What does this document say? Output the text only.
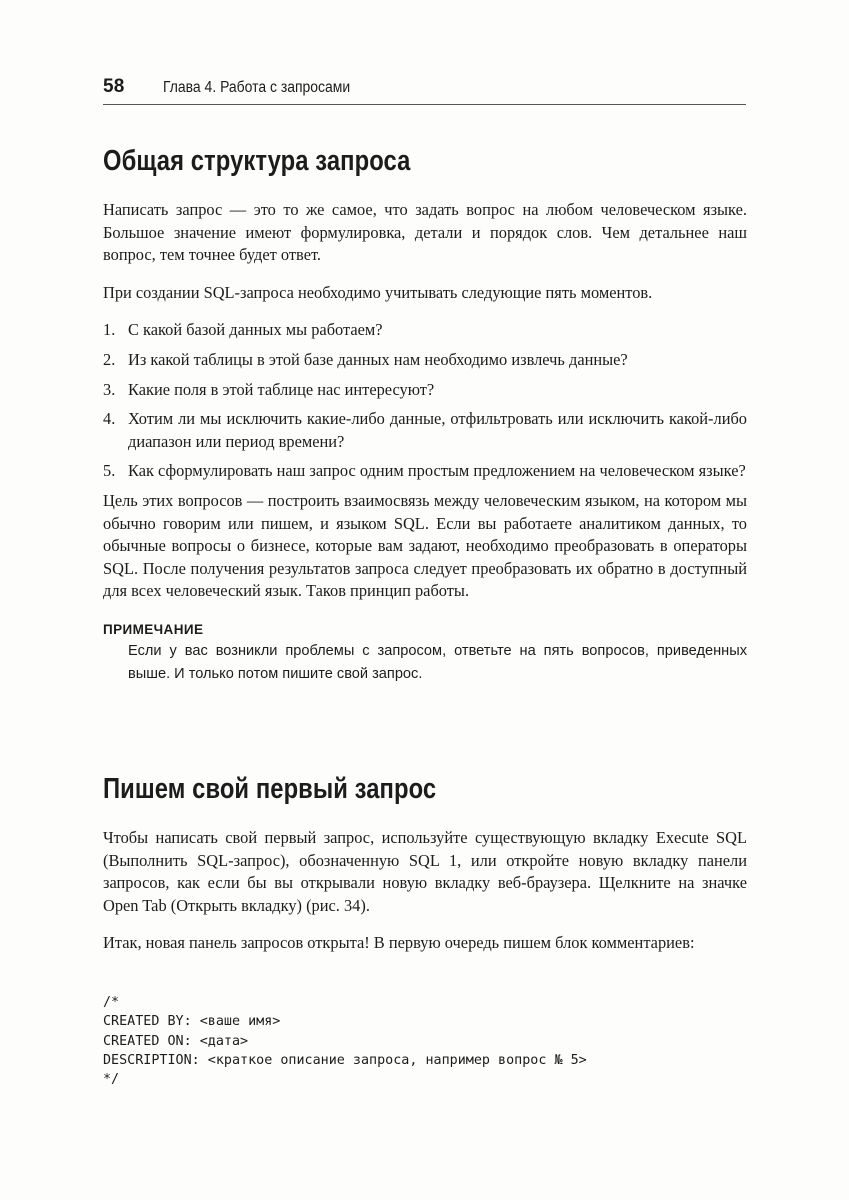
58 Глава 4. Работа с запросами
Общая структура запроса

Написать запрос — это то же самое, что задать вопрос на любом человеческом языке. Большое значение имеют формулировка, детали и порядок слов. Чем детальнее наш вопрос, тем точнее будет ответ.

При создании SQL-запроса необходимо учитывать следующие пять моментов.

1. С какой базой данных мы работаем?
2. Из какой таблицы в этой базе данных нам необходимо извлечь данные?
3. Какие поля в этой таблице нас интересуют?
4. Хотим ли мы исключить какие-либо данные, отфильтровать или исключить какой-либо диапазон или период времени?
5. Как сформулировать наш запрос одним простым предложением на человеческом языке?

Цель этих вопросов — построить взаимосвязь между человеческим языком, на котором мы обычно говорим или пишем, и языком SQL. Если вы работаете аналитиком данных, то обычные вопросы о бизнесе, которые вам задают, необходимо преобразовать в операторы SQL. После получения результатов запроса следует преобразовать их обратно в доступный для всех человеческий язык. Таков принцип работы.

ПРИМЕЧАНИЕ

Если у вас возникли проблемы с запросом, ответьте на пять вопросов, приведенных выше. И только потом пишите свой запрос.

Пишем свой первый запрос

Чтобы написать свой первый запрос, используйте существующую вкладку Execute SQL (Выполнить SQL-запрос), обозначенную SQL 1, или откройте новую вкладку панели запросов, как если бы вы открывали новую вкладку веб-браузера. Щелкните на значке Open Tab (Открыть вкладку) (рис. 34).

Итак, новая панель запросов открыта! В первую очередь пишем блок комментариев:

/*
CREATED BY: <ваше имя>
CREATED ON: <дата>
DESCRIPTION: <краткое описание запроса, например вопрос № 5>
*/
